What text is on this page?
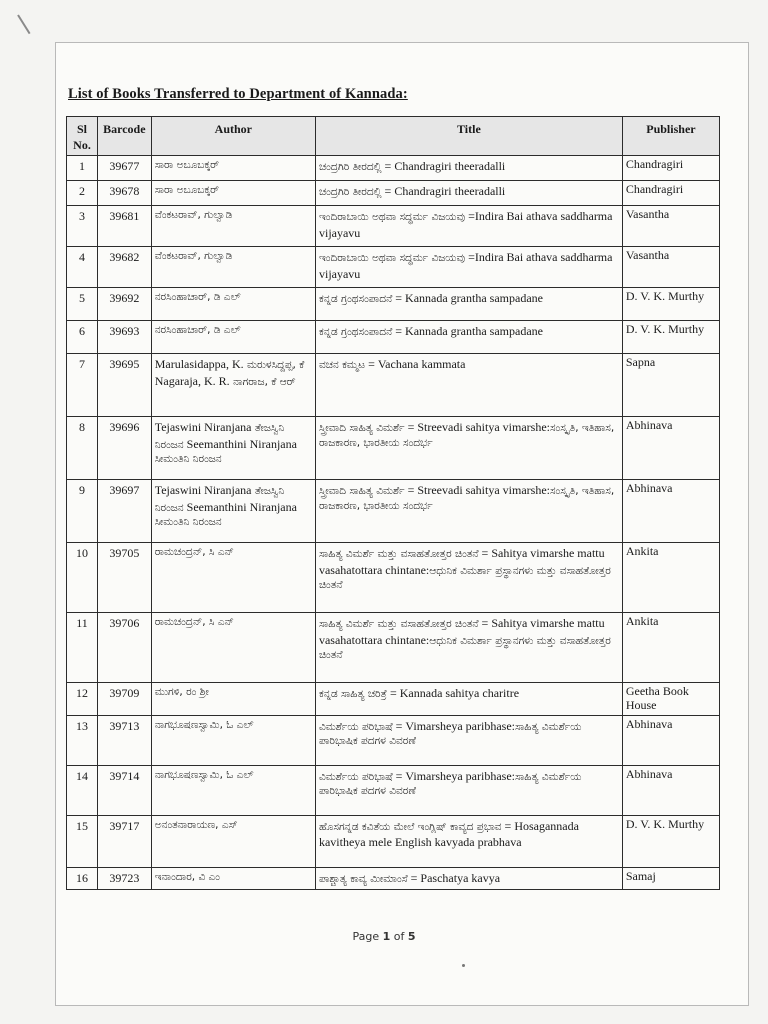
List of Books Transferred to Department of Kannada:
Sl No.	Barcode	Author	Title	Publisher
1	39677	ಸಾರಾ ಅಬೂಬಕ್ಕರ್	ಚಂದ್ರಗಿರಿ ತೀರದಲ್ಲಿ = Chandragiri theeradalli	Chandragiri
2	39678	ಸಾರಾ ಅಬೂಬಕ್ಕರ್	ಚಂದ್ರಗಿರಿ ತೀರದಲ್ಲಿ = Chandragiri theeradalli	Chandragiri
3	39681	ವೆಂಕಟರಾವ್, ಗುಲ್ವಾಡಿ	ಇಂದಿರಾಬಾಯಿ ಅಥವಾ ಸದ್ಧರ್ಮ ವಿಜಯವು =Indira Bai athava saddharma vijayavu	Vasantha
4	39682	ವೆಂಕಟರಾವ್, ಗುಲ್ವಾಡಿ	ಇಂದಿರಾಬಾಯಿ ಅಥವಾ ಸದ್ಧರ್ಮ ವಿಜಯವು =Indira Bai athava saddharma vijayavu	Vasantha
5	39692	ನರಸಿಂಹಾಚಾರ್, ಡಿ ಎಲ್	ಕನ್ನಡ ಗ್ರಂಥಸಂಪಾದನೆ = Kannada grantha sampadane	D. V. K. Murthy
6	39693	ನರಸಿಂಹಾಚಾರ್, ಡಿ ಎಲ್	ಕನ್ನಡ ಗ್ರಂಥಸಂಪಾದನೆ = Kannada grantha sampadane	D. V. K. Murthy
7	39695	Marulasidappa, K. ಮರುಳಸಿದ್ದಪ್ಪ, ಕೆ Nagaraja, K. R. ನಾಗರಾಜ, ಕೆ ಆರ್	ವಚನ ಕಮ್ಮಟ = Vachana kammata	Sapna
8	39696	Tejaswini Niranjana ತೇಜಸ್ವಿನಿ ನಿರಂಜನ Seemanthini Niranjana ಸೀಮಂತಿನಿ ನಿರಂಜನ	ಸ್ತ್ರೀವಾದಿ ಸಾಹಿತ್ಯ ವಿಮರ್ಶೆ = Streevadi sahitya vimarshe:ಸಂಸ್ಕೃತಿ, ಇತಿಹಾಸ, ರಾಜಕಾರಣ, ಭಾರತೀಯ ಸಂದರ್ಭ	Abhinava
9	39697	Tejaswini Niranjana ತೇಜಸ್ವಿನಿ ನಿರಂಜನ Seemanthini Niranjana ಸೀಮಂತಿನಿ ನಿರಂಜನ	ಸ್ತ್ರೀವಾದಿ ಸಾಹಿತ್ಯ ವಿಮರ್ಶೆ = Streevadi sahitya vimarshe:ಸಂಸ್ಕೃತಿ, ಇತಿಹಾಸ, ರಾಜಕಾರಣ, ಭಾರತೀಯ ಸಂದರ್ಭ	Abhinava
10	39705	ರಾಮಚಂದ್ರನ್, ಸಿ ಎನ್	ಸಾಹಿತ್ಯ ವಿಮರ್ಶೆ ಮತ್ತು ವಸಾಹತೋತ್ತರ ಚಿಂತನೆ = Sahitya vimarshe mattu vasahatottara chintane:ಆಧುನಿಕ ವಿಮರ್ಶಾ ಪ್ರಸ್ಥಾನಗಳು ಮತ್ತು ವಸಾಹತೋತ್ತರ ಚಿಂತನೆ	Ankita
11	39706	ರಾಮಚಂದ್ರನ್, ಸಿ ಎನ್	ಸಾಹಿತ್ಯ ವಿಮರ್ಶೆ ಮತ್ತು ವಸಾಹತೋತ್ತರ ಚಿಂತನೆ = Sahitya vimarshe mattu vasahatottara chintane:ಆಧುನಿಕ ವಿಮರ್ಶಾ ಪ್ರಸ್ಥಾನಗಳು ಮತ್ತು ವಸಾಹತೋತ್ತರ ಚಿಂತನೆ	Ankita
12	39709	ಮುಗಳಿ, ರಂ ಶ್ರೀ	ಕನ್ನಡ ಸಾಹಿತ್ಯ ಚರಿತ್ರೆ = Kannada sahitya charitre	Geetha Book House
13	39713	ನಾಗಭೂಷಣಸ್ವಾಮಿ, ಓ ಎಲ್	ವಿಮರ್ಶೆಯ ಪರಿಭಾಷೆ = Vimarsheya paribhase:ಸಾಹಿತ್ಯ ವಿಮರ್ಶೆಯ ಪಾರಿಭಾಷಿಕ ಪದಗಳ ವಿವರಣೆ	Abhinava
14	39714	ನಾಗಭೂಷಣಸ್ವಾಮಿ, ಓ ಎಲ್	ವಿಮರ್ಶೆಯ ಪರಿಭಾಷೆ = Vimarsheya paribhase:ಸಾಹಿತ್ಯ ವಿಮರ್ಶೆಯ ಪಾರಿಭಾಷಿಕ ಪದಗಳ ವಿವರಣೆ	Abhinava
15	39717	ಅನಂತನಾರಾಯಣ, ಎಸ್	ಹೊಸಗನ್ನಡ ಕವಿತೆಯ ಮೇಲೆ ಇಂಗ್ಲಿಷ್ ಕಾವ್ಯದ ಪ್ರಭಾವ = Hosagannada kavitheya mele English kavyada prabhava	D. V. K. Murthy
16	39723	ಇನಾಂದಾರ, ವಿ ಎಂ	ಪಾಶ್ಚಾತ್ಯ ಕಾವ್ಯ ಮೀಮಾಂಸೆ = Paschatya kavya	Samaj
Page 1 of 5
